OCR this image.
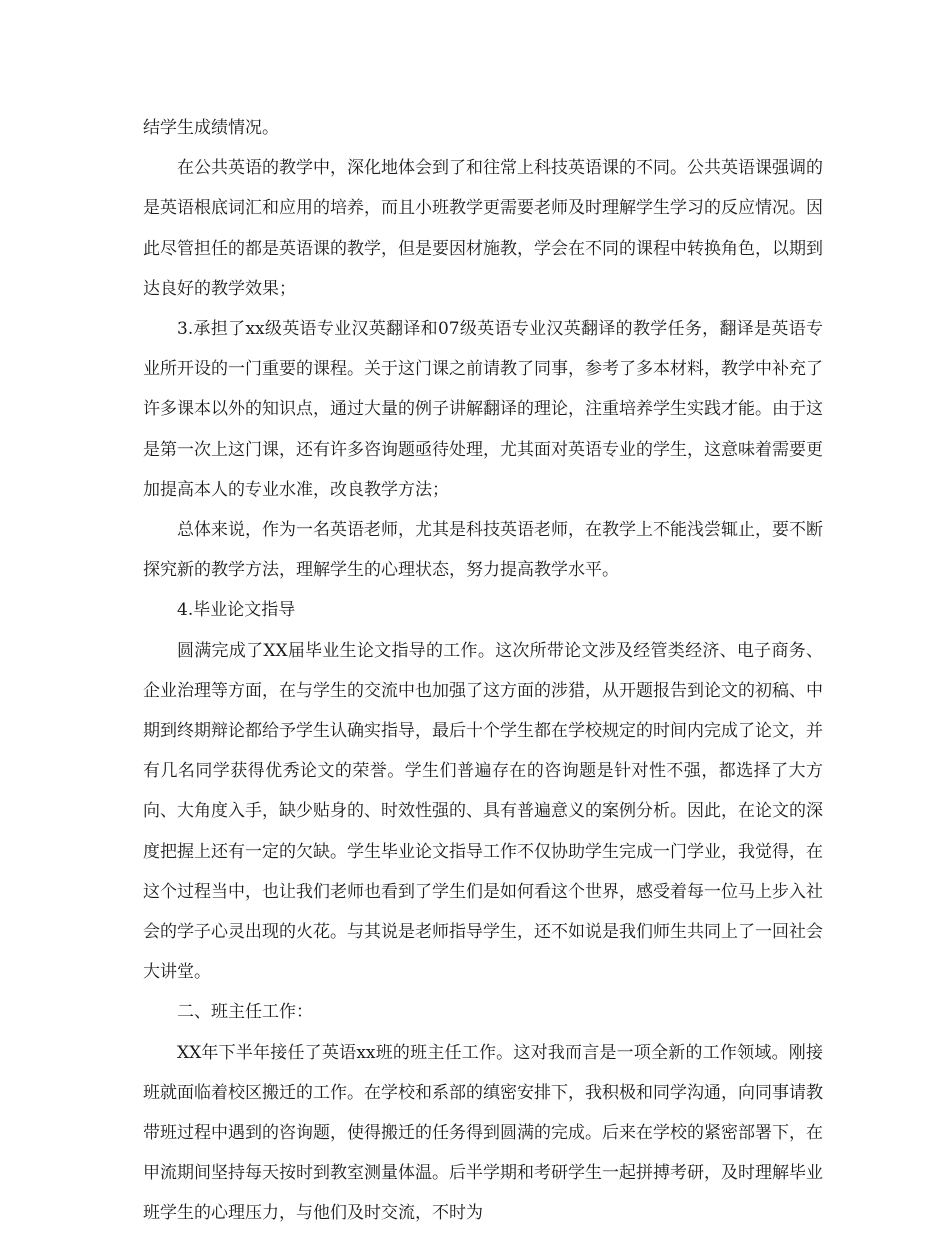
结学生成绩情况。

在公共英语的教学中，深化地体会到了和往常上科技英语课的不同。公共英语课强调的是英语根底词汇和应用的培养，而且小班教学更需要老师及时理解学生学习的反应情况。因此尽管担任的都是英语课的教学，但是要因材施教，学会在不同的课程中转换角色，以期到达良好的教学效果；

3.承担了xx级英语专业汉英翻译和07级英语专业汉英翻译的教学任务，翻译是英语专业所开设的一门重要的课程。关于这门课之前请教了同事，参考了多本材料，教学中补充了许多课本以外的知识点，通过大量的例子讲解翻译的理论，注重培养学生实践才能。由于这是第一次上这门课，还有许多咨询题亟待处理，尤其面对英语专业的学生，这意味着需要更加提高本人的专业水准，改良教学方法；

总体来说，作为一名英语老师，尤其是科技英语老师，在教学上不能浅尝辄止，要不断探究新的教学方法，理解学生的心理状态，努力提高教学水平。

4.毕业论文指导

圆满完成了XX届毕业生论文指导的工作。这次所带论文涉及经管类经济、电子商务、企业治理等方面，在与学生的交流中也加强了这方面的涉猎，从开题报告到论文的初稿、中期到终期辩论都给予学生认确实指导，最后十个学生都在学校规定的时间内完成了论文，并有几名同学获得优秀论文的荣誉。学生们普遍存在的咨询题是针对性不强，都选择了大方向、大角度入手，缺少贴身的、时效性强的、具有普遍意义的案例分析。因此，在论文的深度把握上还有一定的欠缺。学生毕业论文指导工作不仅协助学生完成一门学业，我觉得，在这个过程当中，也让我们老师也看到了学生们是如何看这个世界，感受着每一位马上步入社会的学子心灵出现的火花。与其说是老师指导学生，还不如说是我们师生共同上了一回社会大讲堂。

二、班主任工作：

XX年下半年接任了英语xx班的班主任工作。这对我而言是一项全新的工作领域。刚接班就面临着校区搬迁的工作。在学校和系部的缜密安排下，我积极和同学沟通，向同事请教带班过程中遇到的咨询题，使得搬迁的任务得到圆满的完成。后来在学校的紧密部署下，在甲流期间坚持每天按时到教室测量体温。后半学期和考研学生一起拼搏考研，及时理解毕业班学生的心理压力，与他们及时交流，不时为
